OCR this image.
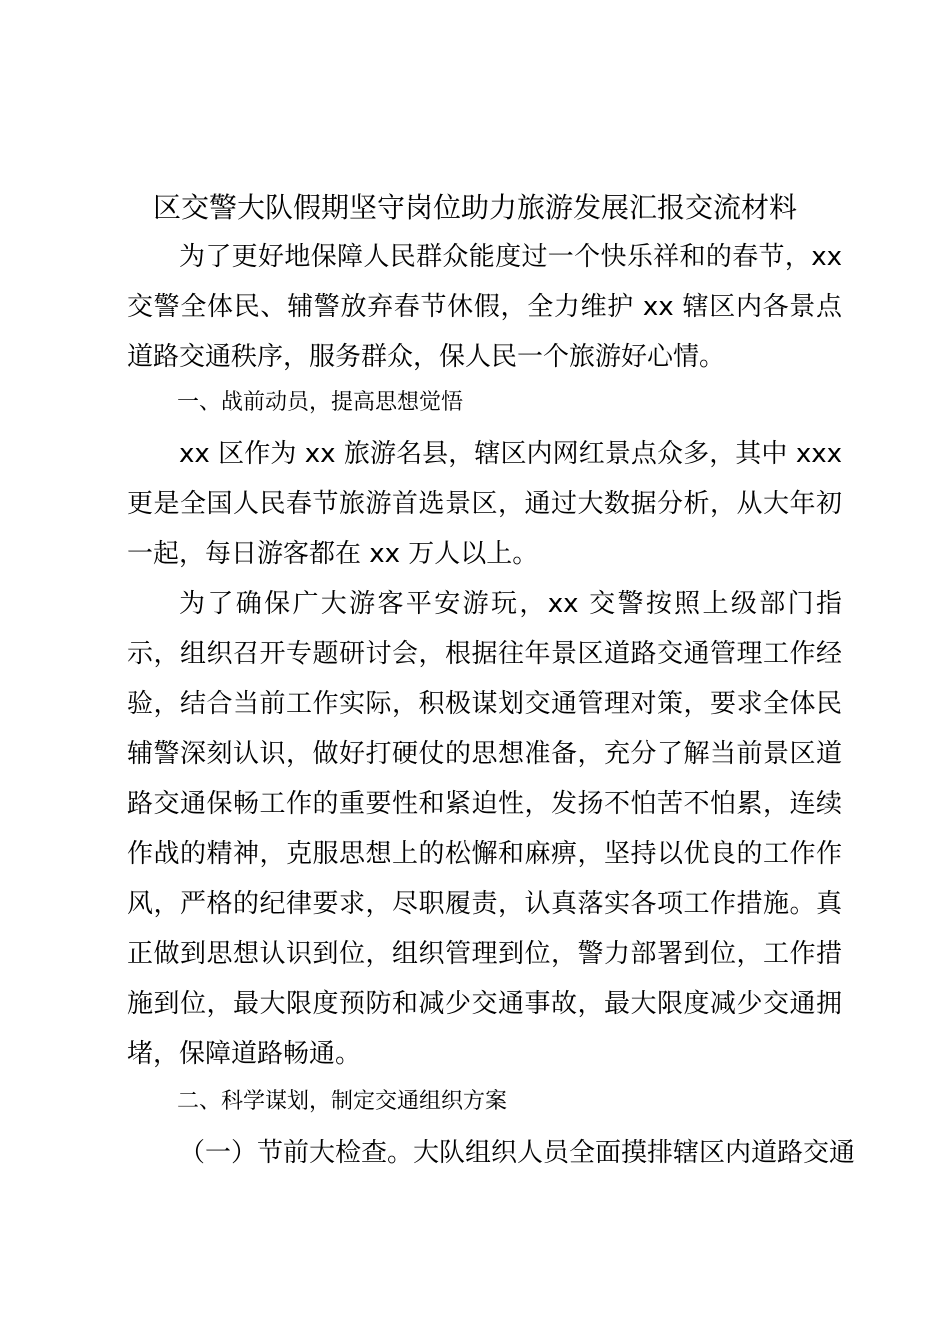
区交警大队假期坚守岗位助力旅游发展汇报交流材料

为了更好地保障人民群众能度过一个快乐祥和的春节，xx交警全体民、辅警放弃春节休假，全力维护 xx 辖区内各景点道路交通秩序，服务群众，保人民一个旅游好心情。

一、战前动员，提高思想觉悟

xx 区作为 xx 旅游名县，辖区内网红景点众多，其中 xxx 更是全国人民春节旅游首选景区，通过大数据分析，从大年初一起，每日游客都在 xx 万人以上。

为了确保广大游客平安游玩，xx 交警按照上级部门指示，组织召开专题研讨会，根据往年景区道路交通管理工作经验，结合当前工作实际，积极谋划交通管理对策，要求全体民辅警深刻认识，做好打硬仗的思想准备，充分了解当前景区道路交通保畅工作的重要性和紧迫性，发扬不怕苦不怕累，连续作战的精神，克服思想上的松懈和麻痹，坚持以优良的工作作风，严格的纪律要求，尽职履责，认真落实各项工作措施。真正做到思想认识到位，组织管理到位，警力部署到位，工作措施到位，最大限度预防和减少交通事故，最大限度减少交通拥堵，保障道路畅通。

二、科学谋划，制定交通组织方案

（一）节前大检查。大队组织人员全面摸排辖区内道路交通
